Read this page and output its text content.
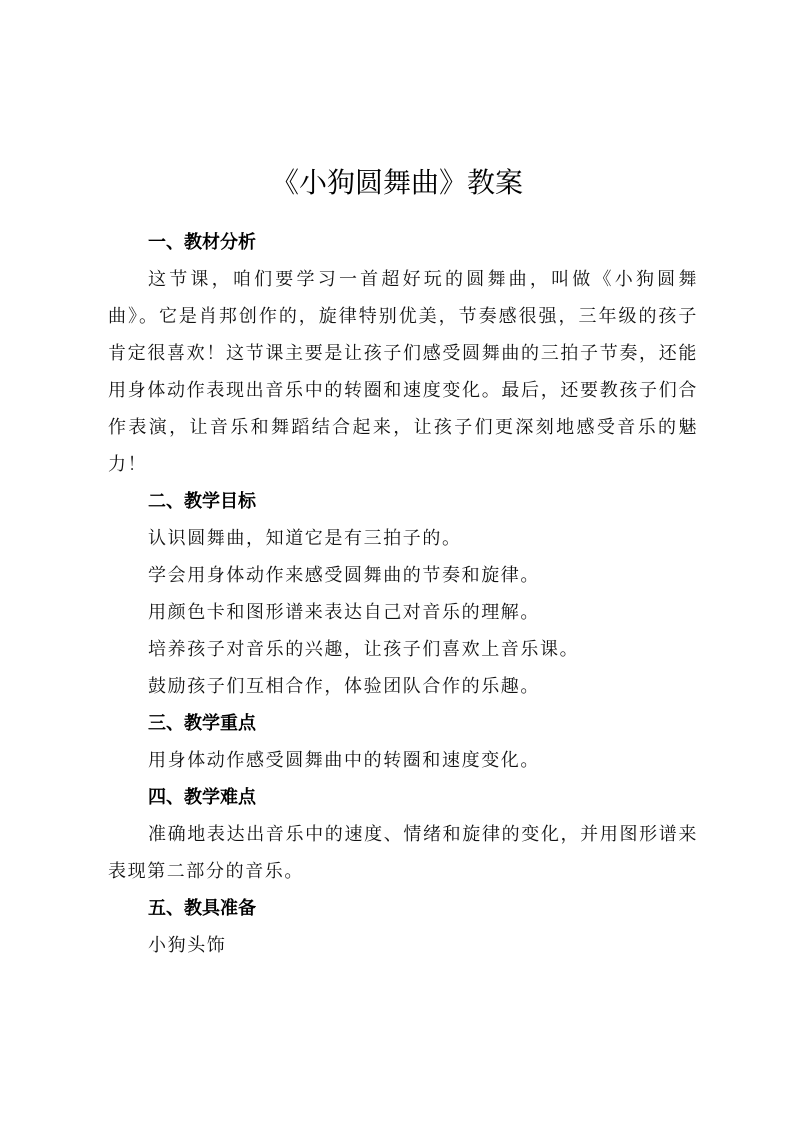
《小狗圆舞曲》教案
一、教材分析
这节课，咱们要学习一首超好玩的圆舞曲，叫做《小狗圆舞曲》。它是肖邦创作的，旋律特别优美，节奏感很强，三年级的孩子肯定很喜欢！这节课主要是让孩子们感受圆舞曲的三拍子节奏，还能用身体动作表现出音乐中的转圈和速度变化。最后，还要教孩子们合作表演，让音乐和舞蹈结合起来，让孩子们更深刻地感受音乐的魅力！
二、教学目标
认识圆舞曲，知道它是有三拍子的。
学会用身体动作来感受圆舞曲的节奏和旋律。
用颜色卡和图形谱来表达自己对音乐的理解。
培养孩子对音乐的兴趣，让孩子们喜欢上音乐课。
鼓励孩子们互相合作，体验团队合作的乐趣。
三、教学重点
用身体动作感受圆舞曲中的转圈和速度变化。
四、教学难点
准确地表达出音乐中的速度、情绪和旋律的变化，并用图形谱来表现第二部分的音乐。
五、教具准备
小狗头饰
